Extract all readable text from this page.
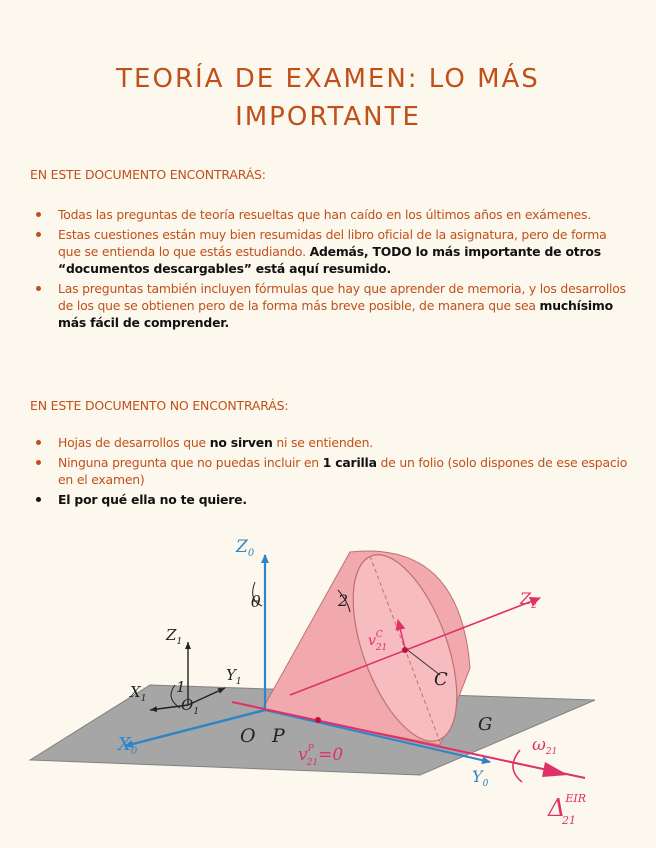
TEORÍA DE EXAMEN: LO MÁS IMPORTANTE
EN ESTE DOCUMENTO ENCONTRARÁS:
Todas las preguntas de teoría resueltas que han caído en los últimos años en exámenes.
Estas cuestiones están muy bien resumidas del libro oficial de la asignatura, pero de forma que se entienda lo que estás estudiando. Además, TODO lo más importante de otros “documentos descargables” está aquí resumido.
Las preguntas también incluyen fórmulas que hay que aprender de memoria, y los desarrollos de los que se obtienen pero de la forma más breve posible, de manera que sea muchísimo más fácil de comprender.
EN ESTE DOCUMENTO NO ENCONTRARÁS:
Hojas de desarrollos que no sirven ni se entienden.
Ninguna pregunta que no puedas incluir en 1 carilla de un folio (solo dispones de ese espacio en el examen)
El por qué ella no te quiere.
$Z_0$
θ
$Z_1$
$Y_1$
$X_1$
1
$O_1$
2
$v^C$ 21
$Z_2$
C
G
$X_0$
O P
$v^P$ 21=0
$Y_0$
$\omega_{21}$
$\Delta^{EIR}$ 21
